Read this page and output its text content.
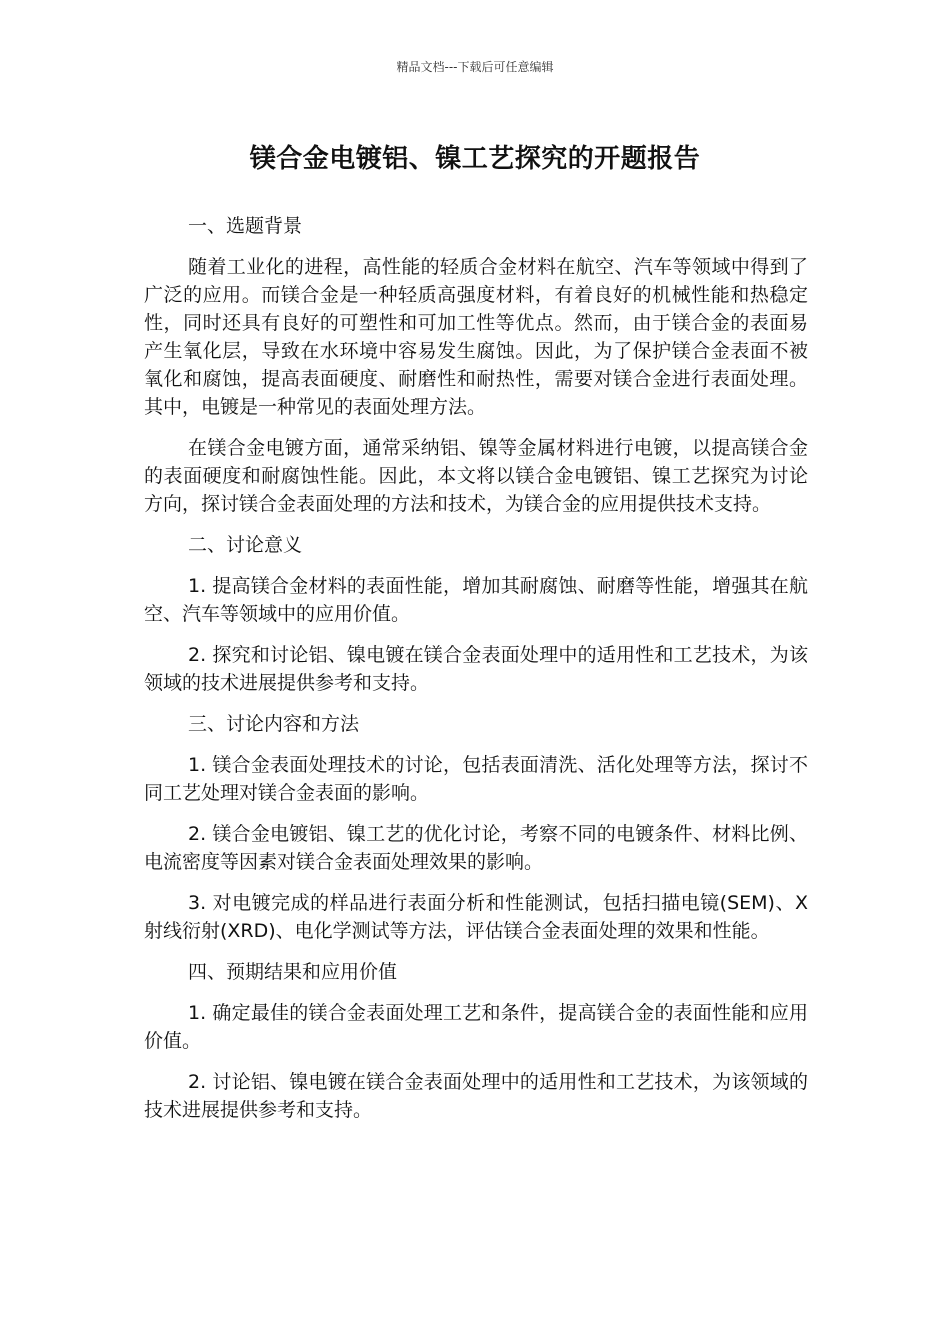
精品文档---下载后可任意编辑
镁合金电镀铝、镍工艺探究的开题报告
一、选题背景
随着工业化的进程，高性能的轻质合金材料在航空、汽车等领域中得到了广泛的应用。而镁合金是一种轻质高强度材料，有着良好的机械性能和热稳定性，同时还具有良好的可塑性和可加工性等优点。然而，由于镁合金的表面易产生氧化层，导致在水环境中容易发生腐蚀。因此，为了保护镁合金表面不被氧化和腐蚀，提高表面硬度、耐磨性和耐热性，需要对镁合金进行表面处理。其中，电镀是一种常见的表面处理方法。
在镁合金电镀方面，通常采纳铝、镍等金属材料进行电镀，以提高镁合金的表面硬度和耐腐蚀性能。因此，本文将以镁合金电镀铝、镍工艺探究为讨论方向，探讨镁合金表面处理的方法和技术，为镁合金的应用提供技术支持。
二、讨论意义
1. 提高镁合金材料的表面性能，增加其耐腐蚀、耐磨等性能，增强其在航空、汽车等领域中的应用价值。
2. 探究和讨论铝、镍电镀在镁合金表面处理中的适用性和工艺技术，为该领域的技术进展提供参考和支持。
三、讨论内容和方法
1. 镁合金表面处理技术的讨论，包括表面清洗、活化处理等方法，探讨不同工艺处理对镁合金表面的影响。
2. 镁合金电镀铝、镍工艺的优化讨论，考察不同的电镀条件、材料比例、电流密度等因素对镁合金表面处理效果的影响。
3. 对电镀完成的样品进行表面分析和性能测试，包括扫描电镜(SEM)、X射线衍射(XRD)、电化学测试等方法，评估镁合金表面处理的效果和性能。
四、预期结果和应用价值
1. 确定最佳的镁合金表面处理工艺和条件，提高镁合金的表面性能和应用价值。
2. 讨论铝、镍电镀在镁合金表面处理中的适用性和工艺技术，为该领域的技术进展提供参考和支持。
